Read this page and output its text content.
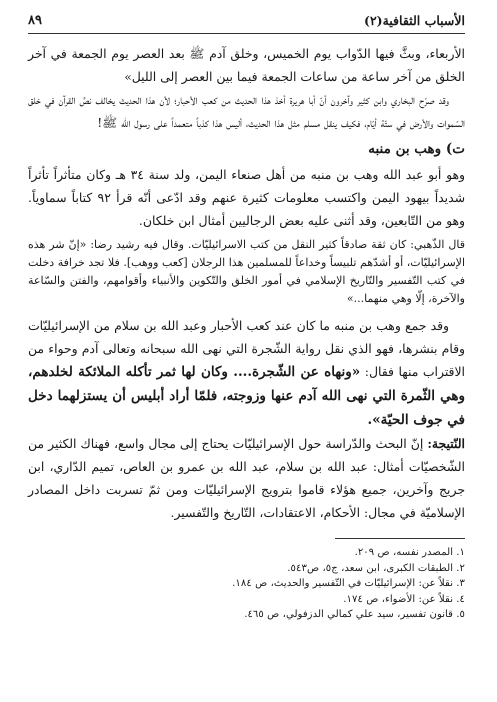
الأسباب الثقافية(٢)
٨٩

الأربعاء، وبثَّ فيها الدّواب يوم الخميس، وخلق آدم ﷺ بعد العصر يوم الجمعة في آخر الخلق من آخر ساعة من ساعات الجمعة فيما بين العصر إلى الليل»

وقد صرّح البخاري وابن كثير وآخرون أنّ أبا هريرة أخذ هذا الحديث من كعب الأحبار؛ لأن هذا الحديث يخالف نصَّ القرآن في خلق السّموات والأرض في ستّة أيّام، فكيف ينقل مسلم مثل هذا الحديث، أليس هذا كذباً متعمداً على رسول الله ﷺ!

ت) وهب بن منبه

وهو أبو عبد الله وهب بن منبه من أهل صنعاء اليمن، ولد سنة ٣٤ هـ وكان متأثراً تأثراً شديداً بيهود اليمن واكتسب معلومات كثيرة عنهم وقد ادّعى أنّه قرأ ٩٢ كتاباً سماوياً. وهو من التّابعين، وقد أثنى عليه بعض الرجاليين أمثال ابن خلكان.

قال الذّهبي: كان ثقة صادقاً كثير النقل من كتب الاسرائيليّات. وقال فيه رشيد رضا: «إنّ شر هذه الإسرائيليّات، أو أشدّهم تلبيساً وخداعاً للمسلمين هذا الرجلان [كعب ووهب]. فلا تجد خرافة دخلت في كتب التّفسير والتّاريخ الإسلامي في أمور الخلق والتّكوين والأنبياء وأقوامهم، والفتن والسّاعة والآخرة، إلّا وهي منهما...»

وقد جمع وهب بن منبه ما كان عند كعب الأحبار وعبد الله بن سلام من الإسرائيليّات وقام بنشرها، فهو الذي نقل رواية الشّجرة التي نهى الله سبحانه وتعالى آدم وحواء من الاقتراب منها فقال: «ونهاه عن الشّجرة.... وكان لها ثمر تأكله الملائكة لخلدهم، وهي الثّمرة التي نهى الله آدم عنها وزوجته، فلمّا أراد أبليس أن يستزلهما دخل في جوف الحيّة».

النّتيجة: إنّ البحث والدّراسة حول الإسرائيليّات يحتاج إلى مجال واسع، فهناك الكثير من الشّخصيّات أمثال: عبد الله بن سلام، عبد الله بن عمرو بن العاص، تميم الدّاري، ابن جريج وآخرين، جميع هؤلاء قاموا بترويج الإسرائيليّات ومن ثمّ تسربت داخل المصادر الإسلاميّة في مجال: الأحكام، الاعتقادات، التّاريخ والتّفسير.

١. المصدر نفسه، ص ٢٠٩.
٢. الطبقات الكبرى، ابن سعد، ج٥، ص٥٤٣.
٣. نقلاً عن: الإسرائيليّات في التّفسير والحديث، ص ١٨٤.
٤. نقلاً عن: الأضواء، ص ١٧٤.
٥. قانون تفسير، سيد علي كمالي الدزفولي، ص ٤٦٥.
